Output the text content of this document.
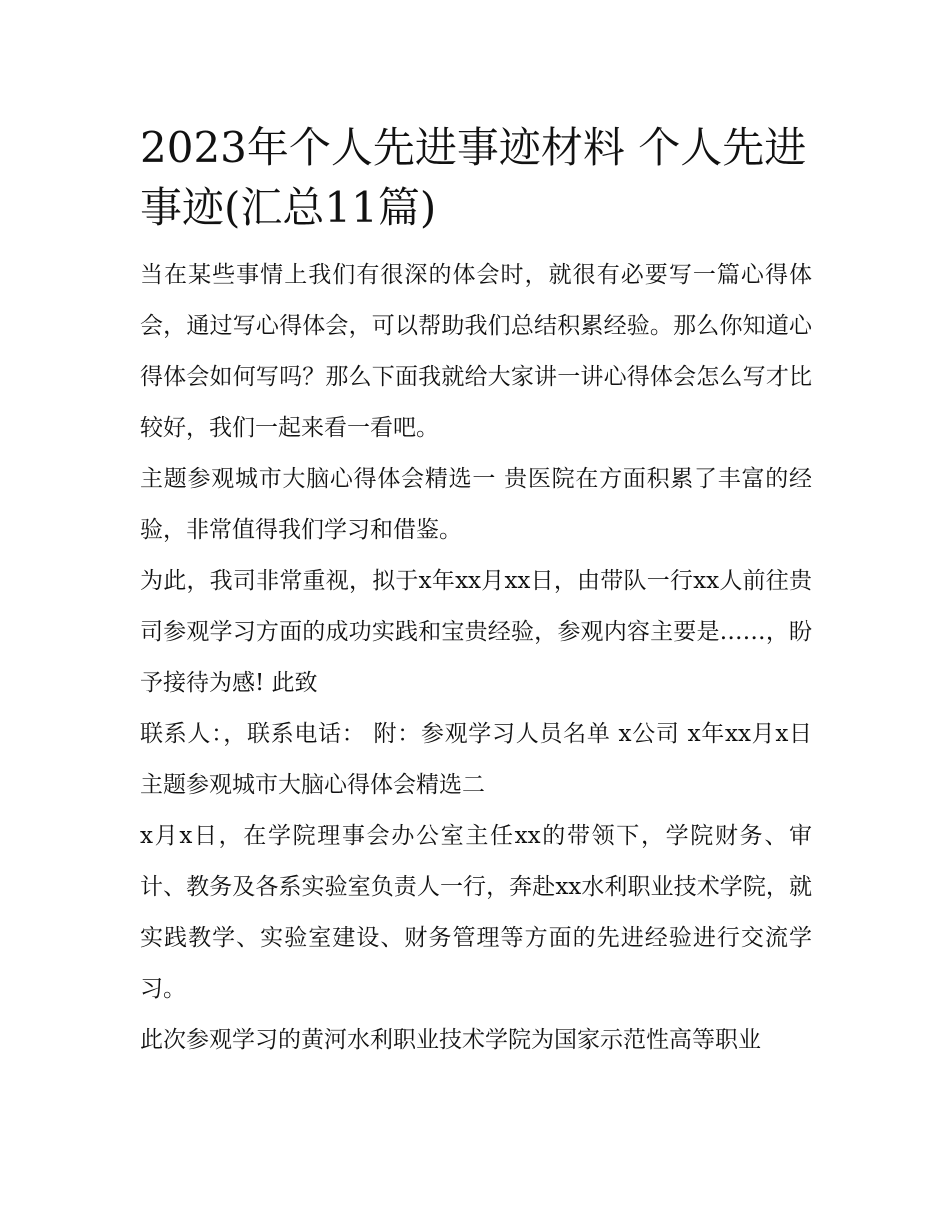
2023年个人先进事迹材料 个人先进事迹(汇总11篇)

当在某些事情上我们有很深的体会时，就很有必要写一篇心得体会，通过写心得体会，可以帮助我们总结积累经验。那么你知道心得体会如何写吗？那么下面我就给大家讲一讲心得体会怎么写才比较好，我们一起来看一看吧。

主题参观城市大脑心得体会精选一 贵医院在方面积累了丰富的经验，非常值得我们学习和借鉴。

为此，我司非常重视，拟于x年xx月xx日，由带队一行xx人前往贵司参观学习方面的成功实践和宝贵经验，参观内容主要是……，盼予接待为感! 此致

联系人：，联系电话： 附：参观学习人员名单 x公司 x年xx月x日 主题参观城市大脑心得体会精选二

x月x日，在学院理事会办公室主任xx的带领下，学院财务、审计、教务及各系实验室负责人一行，奔赴xx水利职业技术学院，就实践教学、实验室建设、财务管理等方面的先进经验进行交流学习。

此次参观学习的黄河水利职业技术学院为国家示范性高等职业
